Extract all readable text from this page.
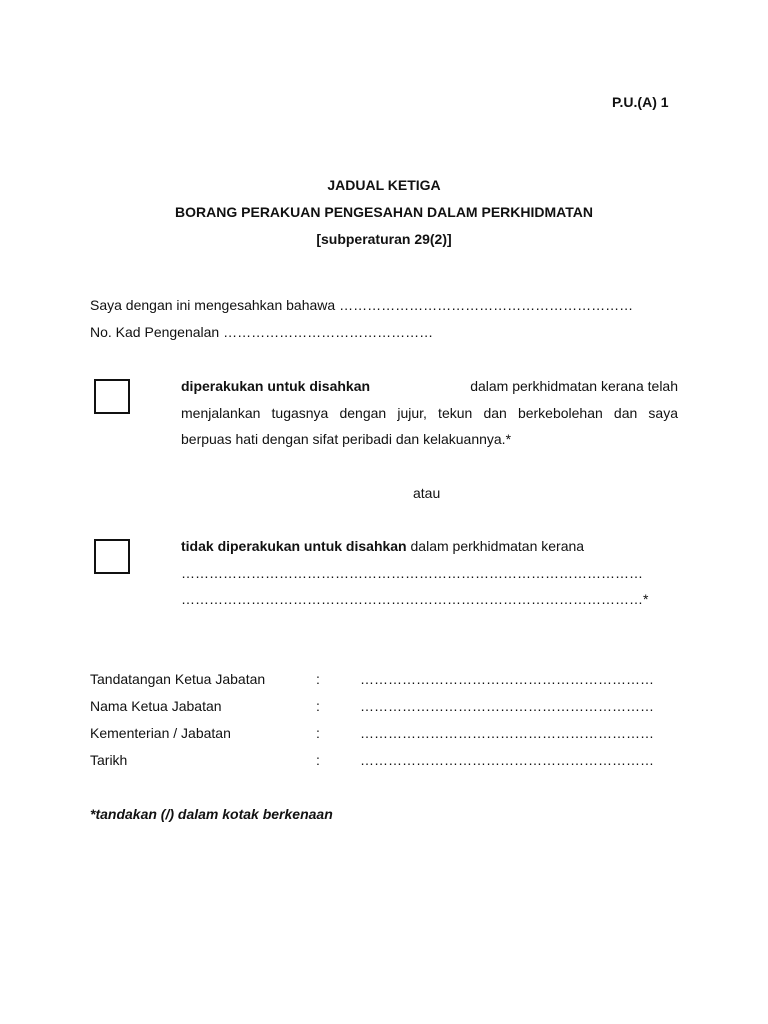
P.U.(A) 1
JADUAL KETIGA
BORANG PERAKUAN PENGESAHAN DALAM PERKHIDMATAN
[subperaturan 29(2)]
Saya dengan ini mengesahkan bahawa ………………………………………………………
No. Kad Pengenalan ………………………………………
diperakukan untuk disahkan	dalam perkhidmatan kerana telah
menjalankan tugasnya dengan jujur, tekun dan berkebolehan dan saya
berpuas hati dengan sifat peribadi dan kelakuannya.*
atau
tidak diperakukan untuk disahkan dalam perkhidmatan kerana
………………………………………………………………………………………
………………………………………………………………………………………*
Tandatangan Ketua Jabatan	:	………………………………………………………
Nama Ketua Jabatan	:	………………………………………………………
Kementerian / Jabatan	:	………………………………………………………
Tarikh	:	………………………………………………………
*tandakan (/) dalam kotak berkenaan
